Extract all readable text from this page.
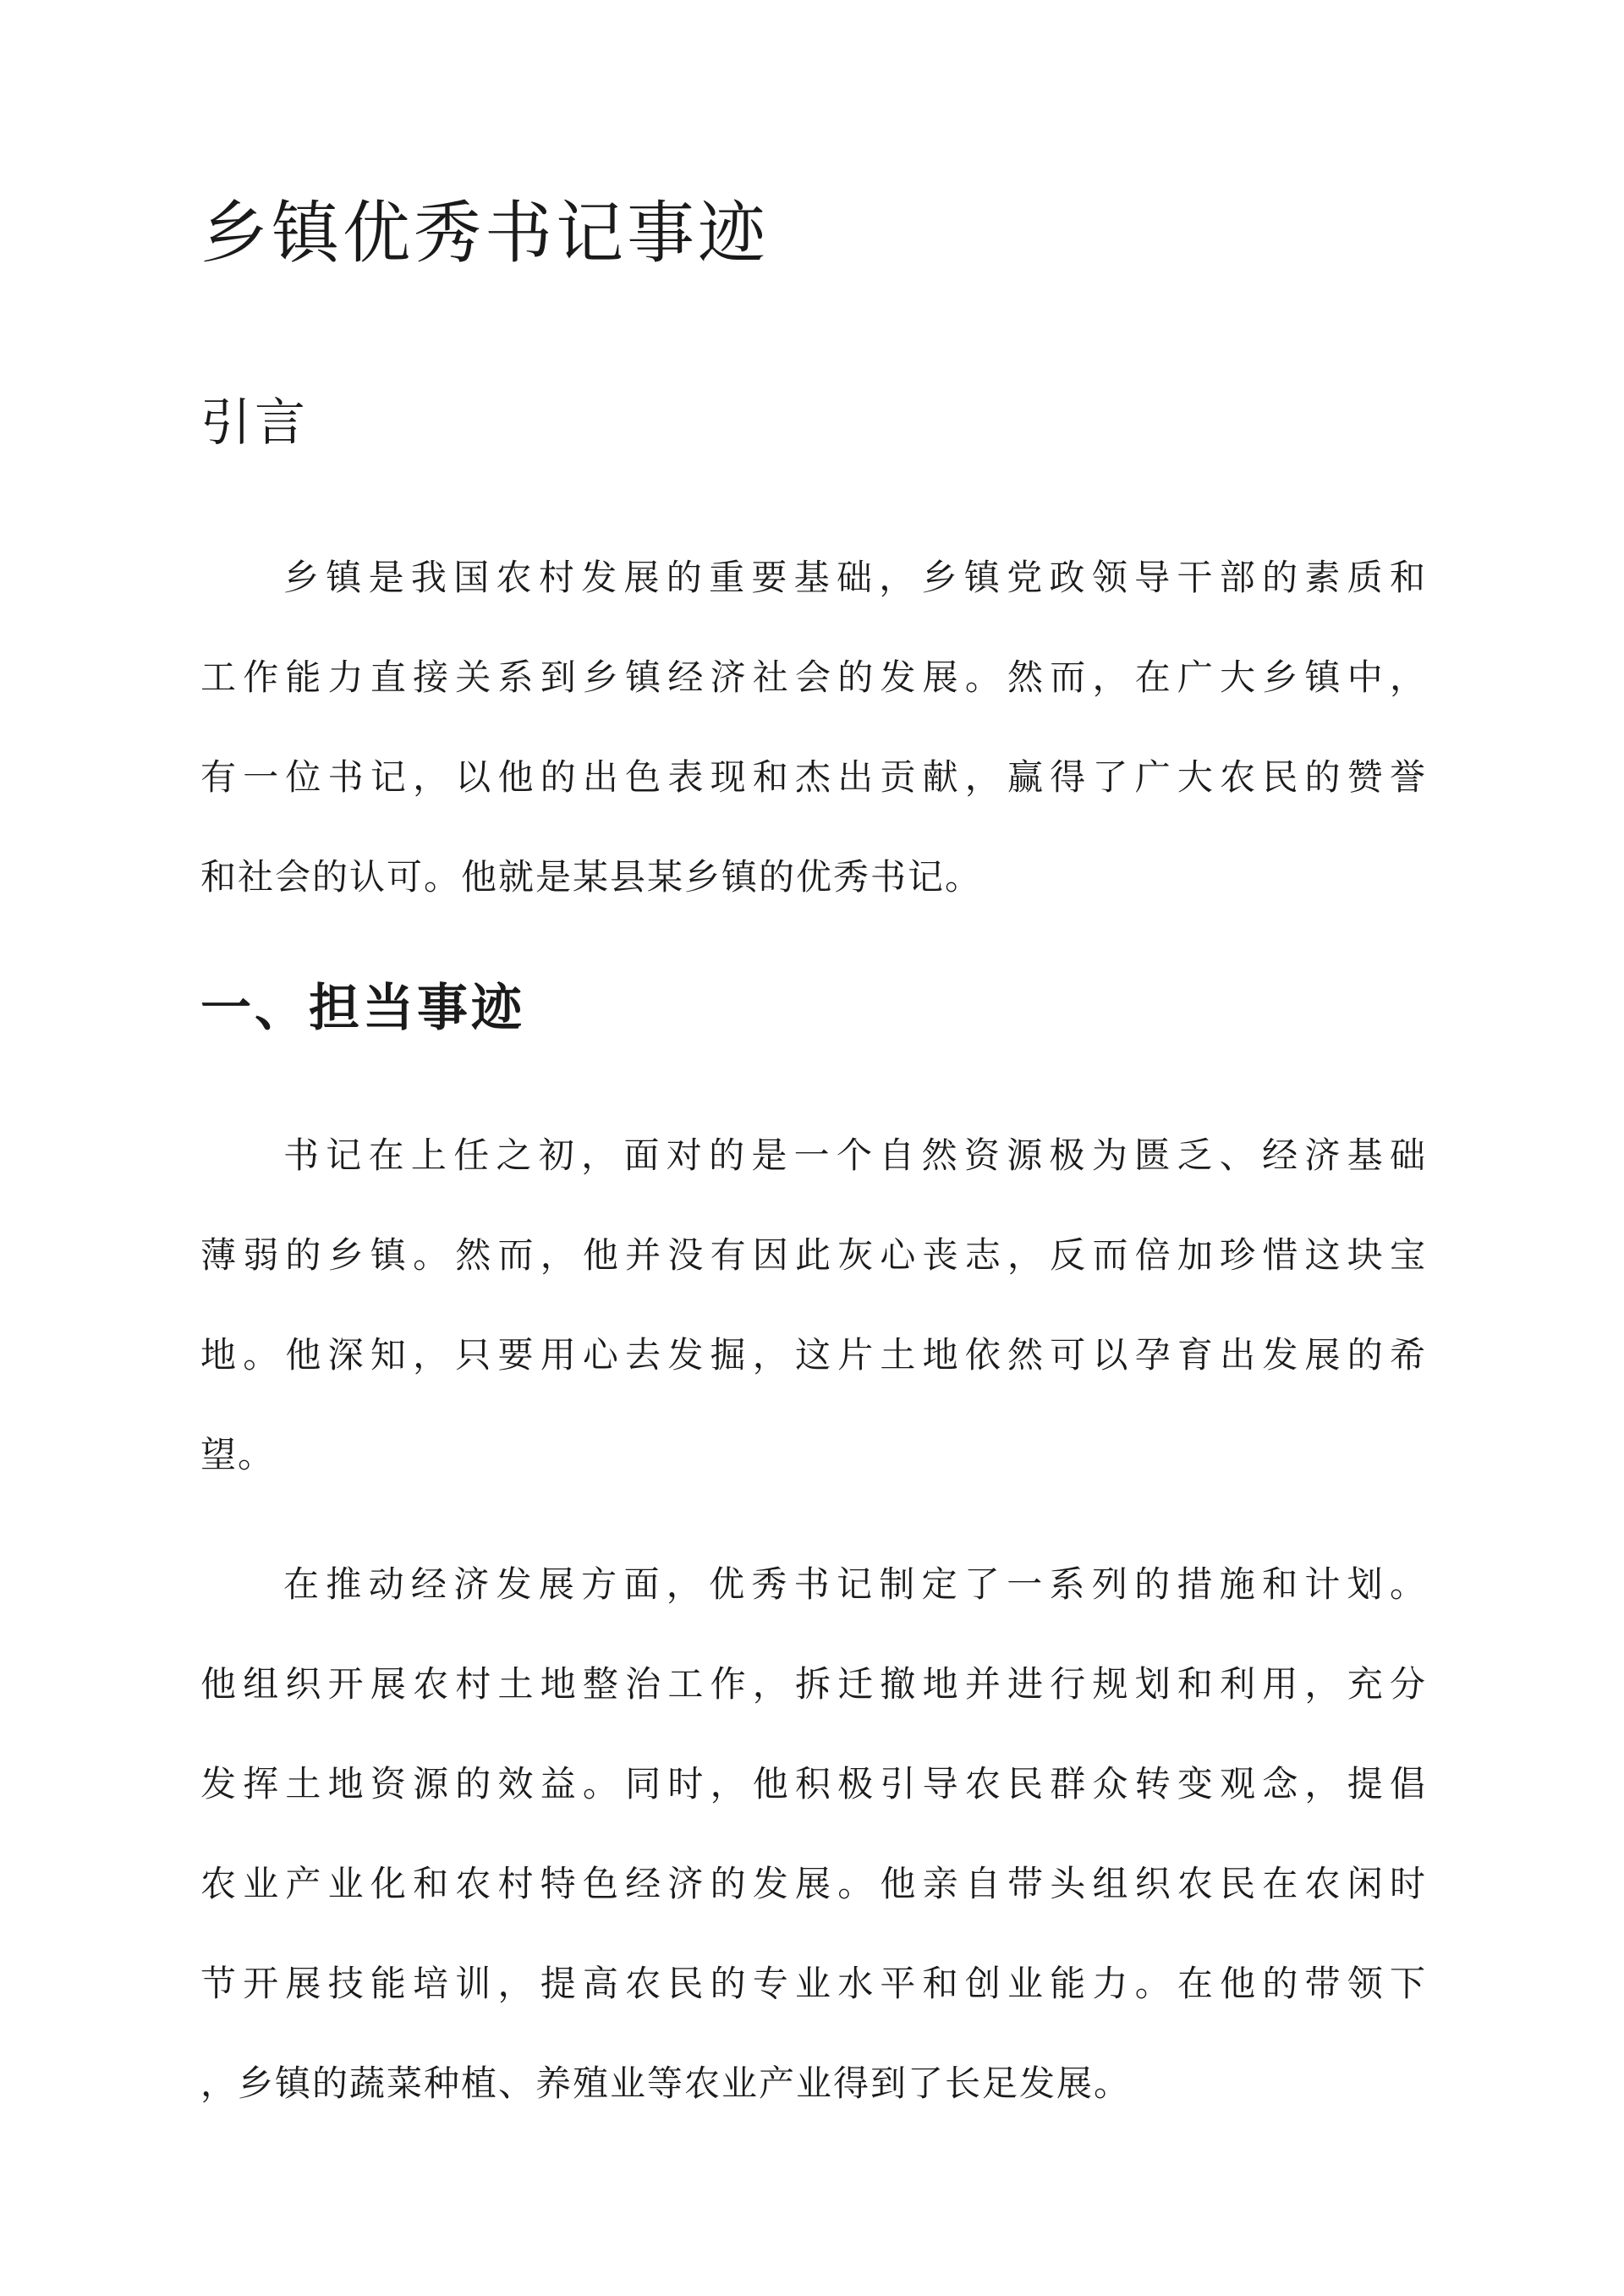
乡镇优秀书记事迹
引言
乡镇是我国农村发展的重要基础，乡镇党政领导干部的素质和
工作能力直接关系到乡镇经济社会的发展。然而，在广大乡镇中，
有一位书记，以他的出色表现和杰出贡献，赢得了广大农民的赞誉
和社会的认可。他就是某县某乡镇的优秀书记。
一、担当事迹
书记在上任之初，面对的是一个自然资源极为匮乏、经济基础
薄弱的乡镇。然而，他并没有因此灰心丧志，反而倍加珍惜这块宝
地。他深知，只要用心去发掘，这片土地依然可以孕育出发展的希
望。
在推动经济发展方面，优秀书记制定了一系列的措施和计划。
他组织开展农村土地整治工作，拆迁撤地并进行规划和利用，充分
发挥土地资源的效益。同时，他积极引导农民群众转变观念，提倡
农业产业化和农村特色经济的发展。他亲自带头组织农民在农闲时
节开展技能培训，提高农民的专业水平和创业能力。在他的带领下
，乡镇的蔬菜种植、养殖业等农业产业得到了长足发展。
